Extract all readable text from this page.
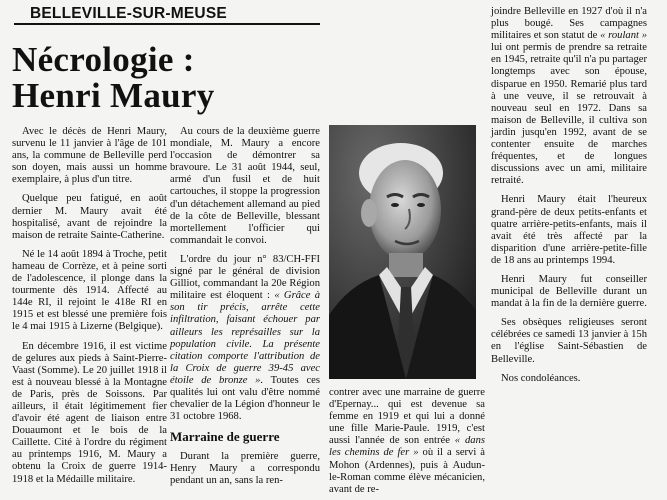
BELLEVILLE-SUR-MEUSE
Nécrologie :
Henri Maury

Avec le décès de Henri Maury, survenu le 11 janvier à l'âge de 101 ans, la commune de Belleville perd son doyen, mais aussi un homme exemplaire, à plus d'un titre.

Quelque peu fatigué, en août dernier M. Maury avait été hospitalisé, avant de rejoindre la maison de retraite Sainte-Catherine.

Né le 14 août 1894 à Troche, petit hameau de Corrèze, et à peine sorti de l'adolescence, il plonge dans la tourmente dès 1914. Affecté au 144e RI, il rejoint le 418e RI en 1915 et est blessé une première fois le 4 mai 1915 à Lizerne (Belgique).

En décembre 1916, il est victime de gelures aux pieds à Saint-Pierre-Vaast (Somme). Le 20 juillet 1918 il est à nouveau blessé à la Montagne de Paris, près de Soissons. Par ailleurs, il était légitimement fier d'avoir été agent de liaison entre Douaumont et le bois de la Caillette. Cité à l'ordre du régiment au printemps 1916, M. Maury a obtenu la Croix de guerre 1914-1918 et la Médaille militaire.

Au cours de la deuxième guerre mondiale, M. Maury a encore l'occasion de démontrer sa bravoure. Le 31 août 1944, seul, armé d'un fusil et de huit cartouches, il stoppe la progression d'un détachement allemand au pied de la côte de Belleville, blessant mortellement l'officier qui commandait le convoi.

L'ordre du jour n° 83/CH-FFI signé par le général de division Gilliot, commandant la 20e Région militaire est éloquent : « Grâce à son tir précis, arrête cette infiltration, faisant échouer par ailleurs les représailles sur la population civile. La présente citation comporte l'attribution de la Croix de guerre 39-45 avec étoile de bronze ». Toutes ces qualités lui ont valu d'être nommé chevalier de la Légion d'honneur le 31 octobre 1968.

Marraine de guerre

Durant la première guerre, Henry Maury a correspondu pendant un an, sans la ren-

contrer avec une marraine de guerre d'Epernay... qui est devenue sa femme en 1919 et qui lui a donné une fille Marie-Paule. 1919, c'est aussi l'année de son entrée « dans les chemins de fer » où il a servi à Mohon (Ardennes), puis à Audun-le-Roman comme élève mécanicien, avant de re-

joindre Belleville en 1927 d'où il n'a plus bougé. Ses campagnes militaires et son statut de « roulant » lui ont permis de prendre sa retraite en 1945, retraite qu'il n'a pu partager longtemps avec son épouse, disparue en 1950. Remarié plus tard à une veuve, il se retrouvait à nouveau seul en 1972. Dans sa maison de Belleville, il cultiva son jardin jusqu'en 1992, avant de se contenter ensuite de marches fréquentes, et de longues discussions avec un ami, militaire retraité.

Henri Maury était l'heureux grand-père de deux petits-enfants et quatre arrière-petits-enfants, mais il avait été très affecté par la disparition d'une arrière-petite-fille de 18 ans au printemps 1994.

Henri Maury fut conseiller municipal de Belleville durant un mandat à la fin de la dernière guerre.

Ses obsèques religieuses seront célébrées ce samedi 13 janvier à 15h en l'église Saint-Sébastien de Belleville.

Nos condoléances.
